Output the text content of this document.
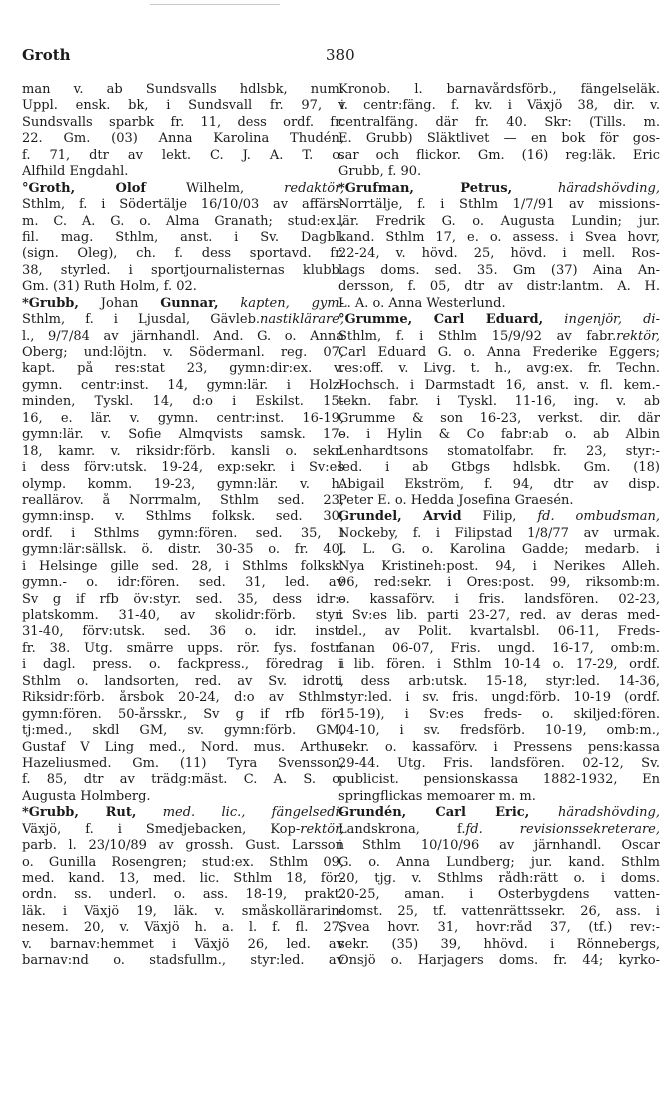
Groth	380
man v. ab Sundsvalls hdlsbk, num.
Uppl. ensk. bk, i Sundsvall fr. 97, i
Sundsvalls sparbk fr. 11, dess ordf. fr.
22. Gm. (03) Anna Karolina Thudén,
f. 71, dtr av lekt. C. J. A. T. o.
Alfhild Engdahl.
°Groth, Olof Wilhelm, redaktör,
Sthlm, f. i Södertälje 16/10/03 av affärs-
m. C. A. G. o. Alma Granath; stud:ex.,
fil. mag. Sthlm, anst. i Sv. Dagbl.
(sign. Oleg), ch. f. dess sportavd. fr.
38, styrled. i sportjournalisternas klubb.
Gm. (31) Ruth Holm, f. 02.
*Grubb, Johan Gunnar, kapten, gym-
Sthlm, f. i Ljusdal, Gävleb.nastiklärare,
l., 9/7/84 av järnhandl. And. G. o. Anna
Öberg; und:löjtn. v. Södermanl. reg. 07,
kapt. på res:stat 23, gymn:dir:ex. v.
gymn. centr:inst. 14, gymn:lär. i Holz-
minden, Tyskl. 14, d:o i Eskilst. 15-
16, e. lär. v. gymn. centr:inst. 16-19,
gymn:lär. v. Sofie Almqvists samsk. 17-
18, kamr. v. riksidr:förb. kansli o. sekr.
i dess förv:utsk. 19-24, exp:sekr. i Sv:es
olymp. komm. 19-23, gymn:lär. v. h.
reallärov. å Norrmalm, Sthlm sed. 23,
gymn:insp. v. Sthlms folksk. sed. 30,
ordf. i Sthlms gymn:fören. sed. 35, i
gymn:lär:sällsk. ö. distr. 30-35 o. fr. 40,
i Helsinge gille sed. 28, i Sthlms folksk.
gymn.- o. idr:fören. sed. 31, led. av
Sv g if rfb öv:styr. sed. 35, dess idr:-
platskomm. 31-40, av skolidr:förb. styr.
31-40, förv:utsk. sed. 36 o. idr. inst.
fr. 38. Utg. smärre upps. rör. fys. fostr.
i dagl. press. o. fackpress., föredrag i
Sthlm o. landsorten, red. av Sv. idrott,
Riksidr:förb. årsbok 20-24, d:o av Sthlms
gymn:fören. 50-årsskr., Sv g if rfb för-
tj:med., skdl GM, sv. gymn:förb. GM,
Gustaf V Ling med., Nord. mus. Arthur
Hazeliusmed. Gm. (11) Tyra Svensson,
f. 85, dtr av trädg:mäst. C. A. S. o.
Augusta Holmberg.
*Grubb, Rut, med. lic., fängelsedi-
Växjö, f. i Smedjebacken, Kop-rektör,
parb. l. 23/10/89 av grossh. Gust. Larsson
o. Gunilla Rosengren; stud:ex. Sthlm 09,
med. kand. 13, med. lic. Sthlm 18, för-
ordn. ss. underl. o. ass. 18-19, prakt.
läk. i Växjö 19, läk. v. småskollärarin-
nesem. 20, v. Växjö h. a. l. f. fl. 27,
v. barnav:hemmet i Växjö 26, led. av
barnav:nd o. stadsfullm., styr:led. av
Kronob. l. barnavårdsförb., fängelseläk.
v. centr:fäng. f. kv. i Växjö 38, dir. v.
centralfäng. där fr. 40. Skr: (Tills. m.
E. Grubb) Släktlivet — en bok för gos-
sar och flickor. Gm. (16) reg:läk. Eric
Grubb, f. 90.
*Grufman, Petrus, häradshövding,
Norrtälje, f. i Sthlm 1/7/91 av missions-
lär. Fredrik G. o. Augusta Lundin; jur.
kand. Sthlm 17, e. o. assess. i Svea hovr,
22-24, v. hövd. 25, hövd. i mell. Ros-
lags doms. sed. 35. Gm (37) Aina An-
dersson, f. 05, dtr av distr:lantm. A. H.
L. A. o. Anna Westerlund.
°Grumme, Carl Eduard, ingenjör, di-
Sthlm, f. i Sthlm 15/9/92 av fabr.rektör,
Carl Eduard G. o. Anna Frederike Eggers;
res:off. v. Livg. t. h., avg:ex. fr. Techn.
Hochsch. i Darmstadt 16, anst. v. fl. kem.-
tekn. fabr. i Tyskl. 11-16, ing. v. ab
Grumme & son 16-23, verkst. dir. där
o. i Hylin & Co fabr:ab o. ab Albin
Lenhardtsons stomatolfabr. fr. 23, styr:-
led. i ab Gtbgs hdlsbk. Gm. (18)
Abigail Ekström, f. 94, dtr av disp.
Peter E. o. Hedda Josefina Graesén.
Grundel, Arvid Filip, fd. ombudsman,
Nockeby, f. i Filipstad 1/8/77 av urmak.
J. L. G. o. Karolina Gadde; medarb. i
Nya Kristineh:post. 94, i Nerikes Alleh.
96, red:sekr. i Öres:post. 99, riksomb:m.
o. kassaförv. i fris. landsfören. 02-23,
i Sv:es lib. parti 23-27, red. av deras med-
del., av Polit. kvartalsbl. 06-11, Freds-
fanan 06-07, Fris. ungd. 16-17, omb:m.
i lib. fören. i Sthlm 10-14 o. 17-29, ordf.
i dess arb:utsk. 15-18, styr:led. 14-36,
styr:led. i sv. fris. ungd:förb. 10-19 (ordf.
15-19), i Sv:es freds- o. skiljed:fören.
04-10, i sv. fredsförb. 10-19, omb:m.,
sekr. o. kassaförv. i Pressens pens:kassa
29-44. Utg. Fris. landsfören. 02-12, Sv.
publicist. pensionskassa 1882-1932, En
springflickas memoarer m. m.
Grundén, Carl Eric, häradshövding,
Landskrona, f.fd. revisionssekreterare,
i Sthlm 10/10/96 av järnhandl. Oscar
G. o. Anna Lundberg; jur. kand. Sthlm
20, tjg. v. Sthlms rådh:rätt o. i doms.
20-25, aman. i Österbygdens vatten-
domst. 25, tf. vattenrättssekr. 26, ass. i
Svea hovr. 31, hovr:råd 37, (tf.) rev:-
sekr. (35) 39, hhövd. i Rönnebergs,
Onsjö o. Harjagers doms. fr. 44; kyrko-
